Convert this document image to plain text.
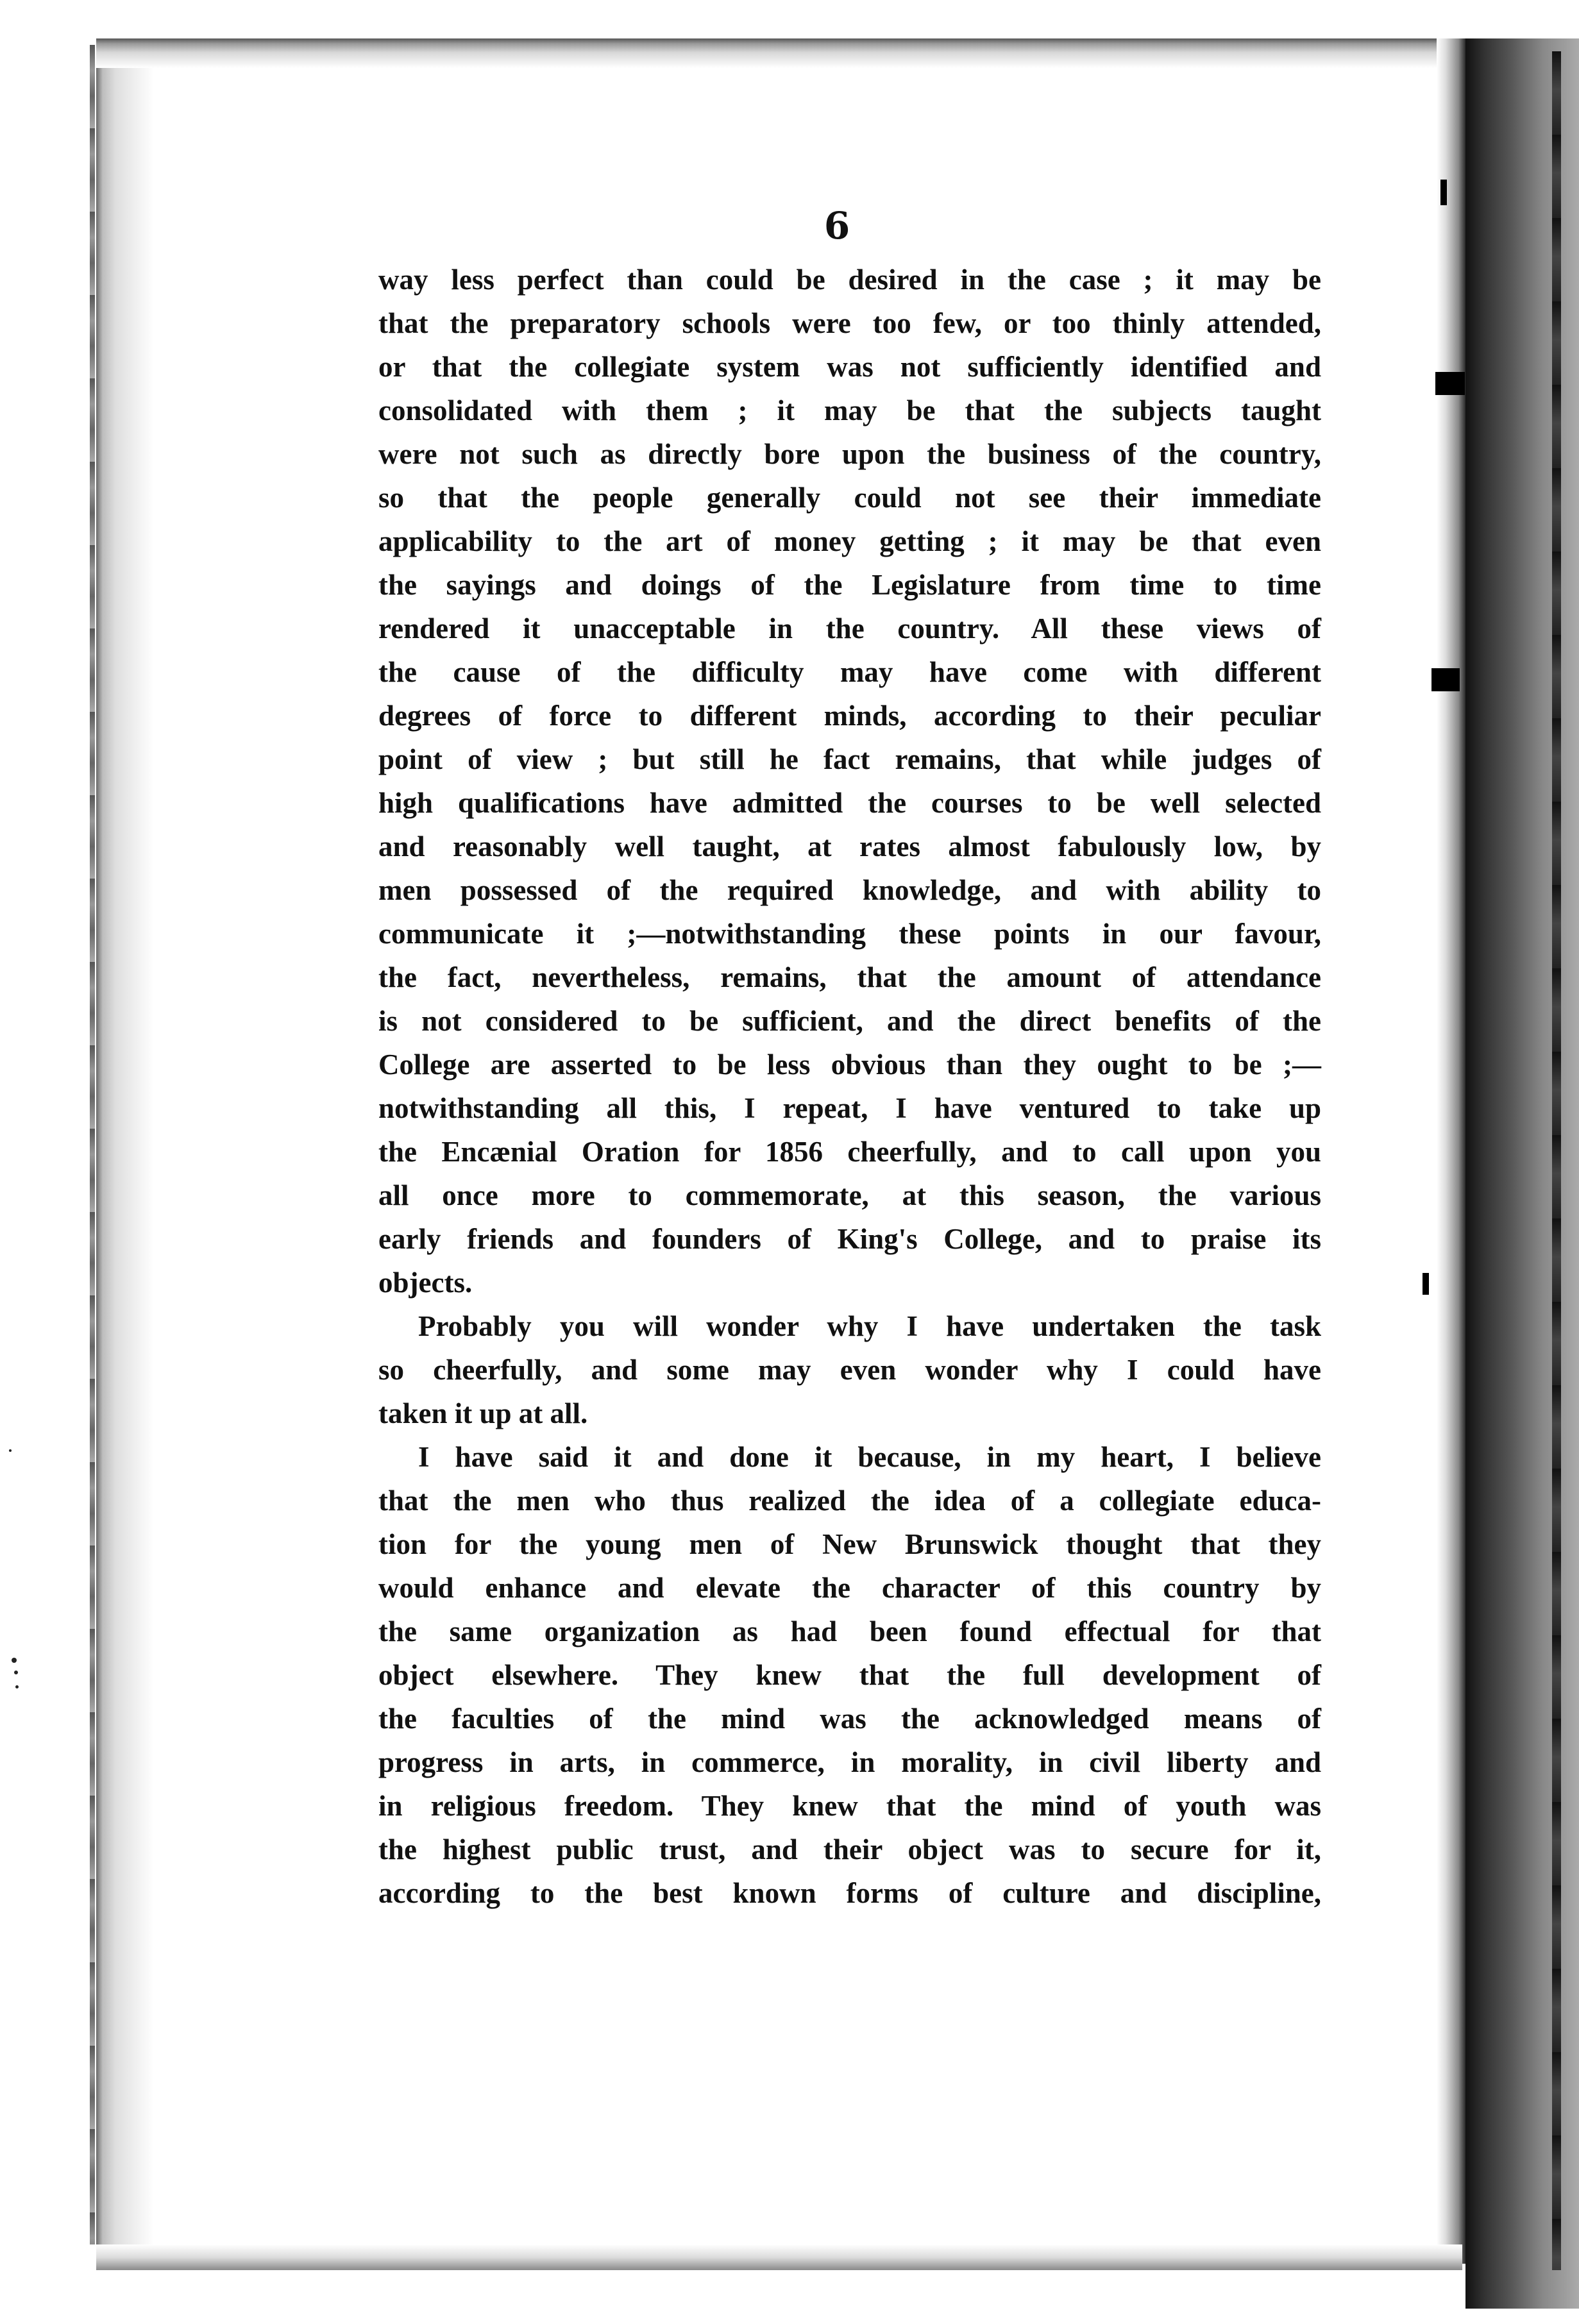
6
way less perfect than could be desired in the case ; it may be
that the preparatory schools were too few, or too thinly attended,
or that the collegiate system was not sufficiently identified and
consolidated with them ; it may be that the subjects taught
were not such as directly bore upon the business of the country,
so that the people generally could not see their immediate
applicability to the art of money getting ; it may be that even
the sayings and doings of the Legislature from time to time
rendered it unacceptable in the country. All these views of
the cause of the difficulty may have come with different
degrees of force to different minds, according to their peculiar
point of view ; but still he fact remains, that while judges of
high qualifications have admitted the courses to be well selected
and reasonably well taught, at rates almost fabulously low, by
men possessed of the required knowledge, and with ability to
communicate it ;—notwithstanding these points in our favour,
the fact, nevertheless, remains, that the amount of attendance
is not considered to be sufficient, and the direct benefits of the
College are asserted to be less obvious than they ought to be ;—
notwithstanding all this, I repeat, I have ventured to take up
the Encænial Oration for 1856 cheerfully, and to call upon you
all once more to commemorate, at this season, the various
early friends and founders of King's College, and to praise its
objects.
Probably you will wonder why I have undertaken the task
so cheerfully, and some may even wonder why I could have
taken it up at all.
I have said it and done it because, in my heart, I believe
that the men who thus realized the idea of a collegiate educa-
tion for the young men of New Brunswick thought that they
would enhance and elevate the character of this country by
the same organization as had been found effectual for that
object elsewhere. They knew that the full development of
the faculties of the mind was the acknowledged means of
progress in arts, in commerce, in morality, in civil liberty and
in religious freedom. They knew that the mind of youth was
the highest public trust, and their object was to secure for it,
according to the best known forms of culture and discipline,
